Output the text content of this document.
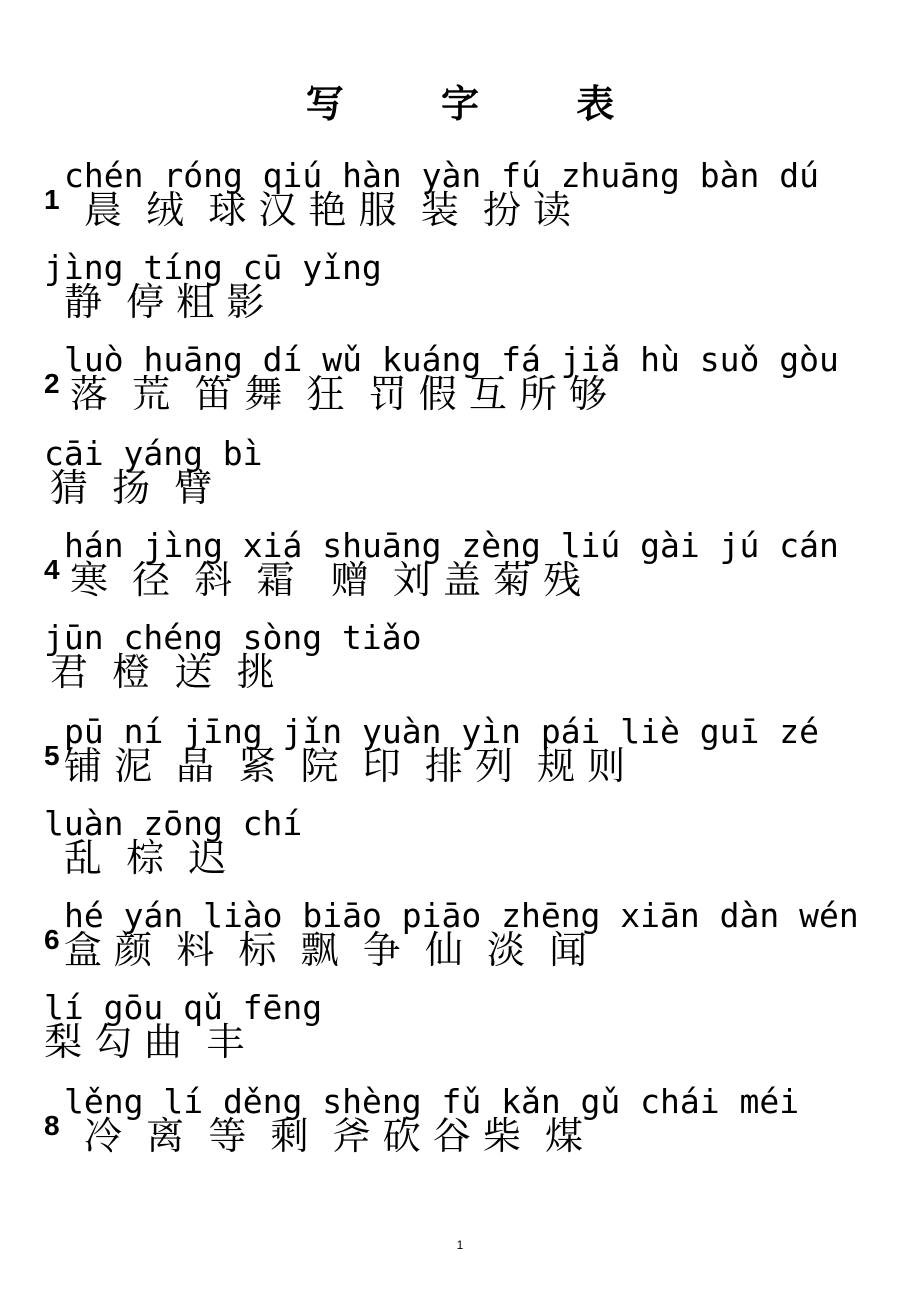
写 字 表
1
chén róng qiú hàn yàn fú zhuāng bàn dú
晨  绒  球 汉 艳 服  装  扮 读
jìng tíng cū yǐng
静  停 粗 影
2
luò huāng dí wǔ kuáng fá jiǎ hù suǒ gòu
落  荒  笛 舞  狂  罚 假 互 所 够
cāi yáng bì
猜  扬  臂
4
hán jìng xiá shuāng zèng liú gài jú cán
寒  径  斜  霜   赠  刘 盖 菊 残
jūn chéng sòng tiǎo
君  橙  送  挑
5
pū ní jīng jǐn yuàn yìn pái liè guī zé
铺 泥  晶  紧  院  印  排 列  规 则
luàn zōng chí
乱  棕  迟
6
hé yán liào biāo piāo zhēng xiān dàn wén
盒 颜  料  标  飘  争  仙  淡  闻
lí gōu qǔ fēng
梨 勾 曲  丰
8
lěng lí děng shèng fǔ kǎn gǔ chái méi
冷  离  等  剩  斧 砍 谷 柴  煤
1
